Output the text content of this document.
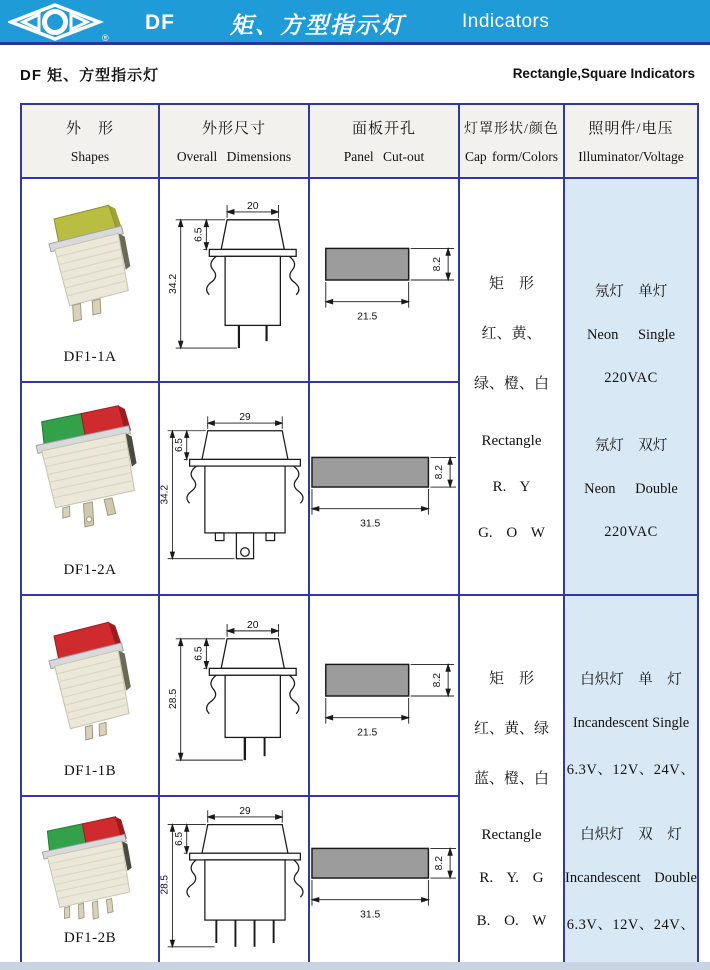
®
DF 矩、方型指示灯	Indicators
DF 矩、方型指示灯	Rectangle,Square Indicators
外　形
Shapes
外形尺寸
Overall Dimensions
面板开孔
Panel Cut-out
灯罩形状/颜色
Cap form/Colors
照明件/电压
Illuminator/Voltage
DF1-1A
20
6.5
34.2
8.2
21.5
矩　形
红、黄、
绿、橙、白
Rectangle
R. Y
G. O W
氖灯　单灯
Neon Single
220VAC
氖灯　双灯
Neon Double
220VAC
DF1-2A
29
6.5
34.2
8.2
31.5
DF1-1B
20
6.5
28.5
8.2
21.5
矩　形
红、黄、绿
蓝、橙、白
Rectangle
R. Y. G
B. O. W
白炽灯　单　灯
Incandescent Single
6.3V、12V、24V、
白炽灯　双　灯
Incandescent Double
6.3V、12V、24V、
DF1-2B
29
6.5
28.5
8.2
31.5
